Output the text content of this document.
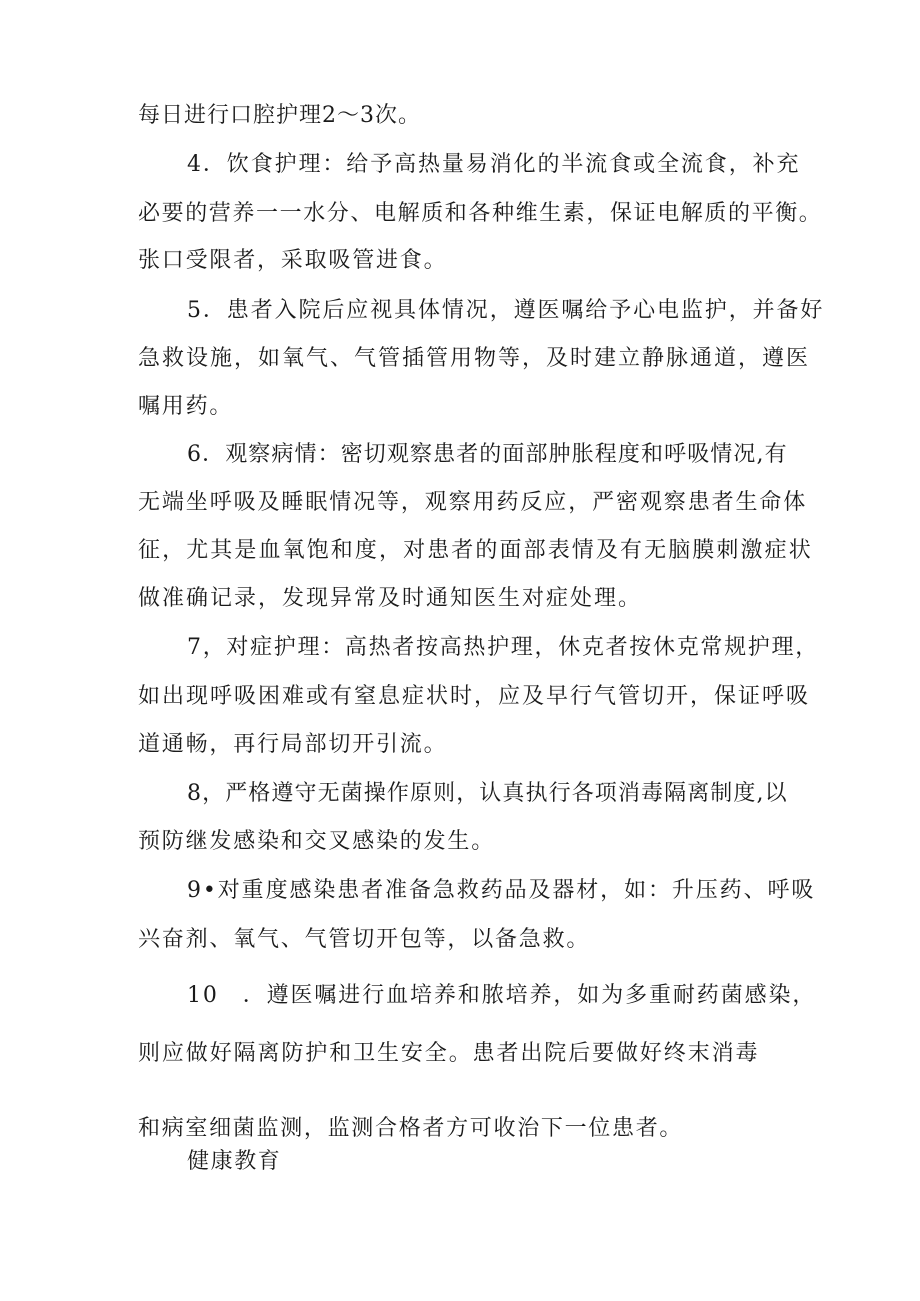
每日进行口腔护理2～3次。
4．饮食护理：给予高热量易消化的半流食或全流食，补充
必要的营养一一水分、电解质和各种维生素，保证电解质的平衡。
张口受限者，采取吸管进食。
5．患者入院后应视具体情况，遵医嘱给予心电监护，并备好
急救设施，如氧气、气管插管用物等，及时建立静脉通道，遵医
嘱用药。
6．观察病情：密切观察患者的面部肿胀程度和呼吸情况,有
无端坐呼吸及睡眠情况等，观察用药反应，严密观察患者生命体
征，尤其是血氧饱和度，对患者的面部表情及有无脑膜刺激症状
做准确记录，发现异常及时通知医生对症处理。
7，对症护理：高热者按高热护理，休克者按休克常规护理，
如出现呼吸困难或有窒息症状时，应及早行气管切开，保证呼吸
道通畅，再行局部切开引流。
8，严格遵守无菌操作原则，认真执行各项消毒隔离制度,以
预防继发感染和交叉感染的发生。
9•对重度感染患者准备急救药品及器材，如：升压药、呼吸
兴奋剂、氧气、气管切开包等，以备急救。
10　．遵医嘱进行血培养和脓培养，如为多重耐药菌感染，
则应做好隔离防护和卫生安全。患者出院后要做好终末消毒
和病室细菌监测，监测合格者方可收治下一位患者。
健康教育
